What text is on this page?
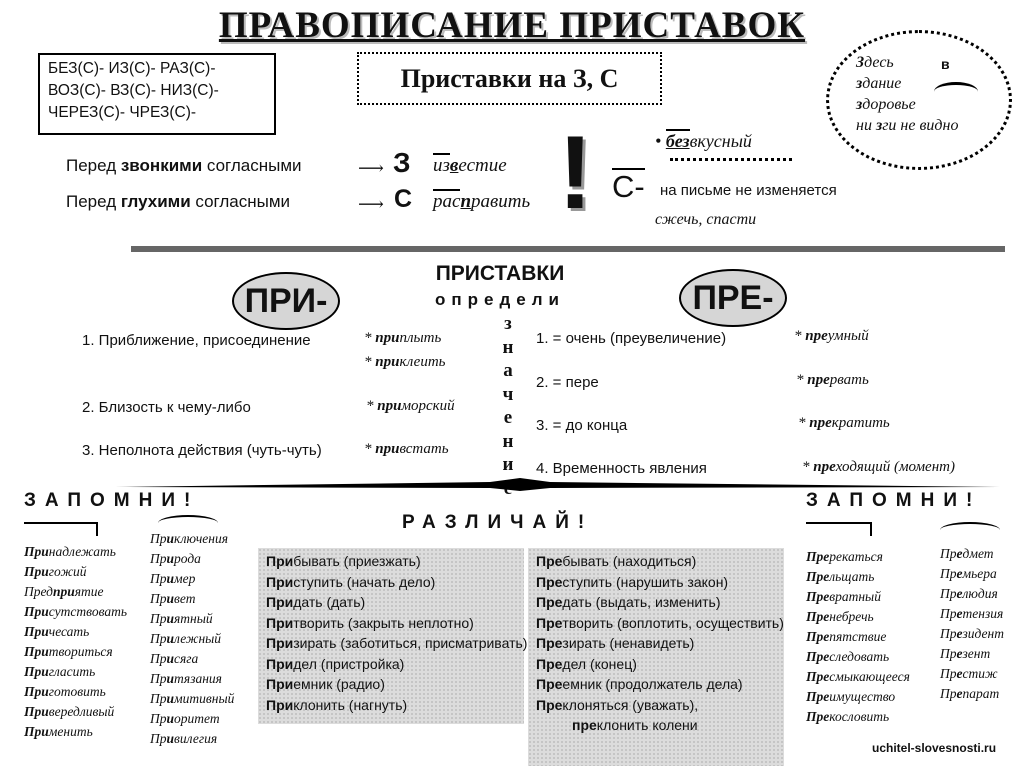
ПРАВОПИСАНИЕ ПРИСТАВОК
БЕЗ(С)- ИЗ(С)- РАЗ(С)-
ВОЗ(С)- ВЗ(С)- НИЗ(С)-
ЧЕРЕЗ(С)- ЧРЕЗ(С)-
Приставки на З, С
Здесь
здание
здоровье
ни зги не видно
в
Перед звонкими согласными	⟶ З известие
Перед глухими согласными	⟶ С расправить !	• безвкусный
С- на письме не изменяется
сжечь, спасти
ПРИСТАВКИ
определи
з
н
а
ч
е
н
и
ПРИ-	ПРЕ-
1. Приближение, присоединение	* приплыть
* приклеить
2. Близость к чему-либо	* приморский
3. Неполнота действия (чуть-чуть)	* привстать
1. = очень (преувеличение)	* преумный
2. = пере	* прервать
3. = до конца	* прекратить
4. Временность явления	* преходящий (момент)
ЗАПОМНИ!	ЗАПОМНИ!
РАЗЛИЧАЙ!
Принадлежать
Пригожий
Предприятие
Присутствовать
Причесать
Притвориться
Пригласить
Приготовить
Привередливый
Применить
Приключения
Природа
Пример
Привет
Приятный
Прилежный
Присяга
Притязания
Примитивный
Приоритет
Привилегия
Прибывать (приезжать)
Приступить (начать дело)
Придать (дать)
Притворить (закрыть неплотно)
Призирать (заботиться, присматривать)
Придел (пристройка)
Приемник (радио)
Приклонить (нагнуть)
Пребывать (находиться)
Преступить (нарушить закон)
Предать (выдать, изменить)
Претворить (воплотить, осуществить)
Презирать (ненавидеть)
Предел (конец)
Преемник (продолжатель дела)
Преклоняться (уважать),
преклонить колени
Пререкаться
Прельщать
Превратный
Пренебречь
Препятствие
Преследовать
Пресмыкающееся
Преимущество
Прекословить
Предмет
Премьера
Прелюдия
Претензия
Президент
Презент
Престиж
Препарат
uchitel-slovesnosti.ru
